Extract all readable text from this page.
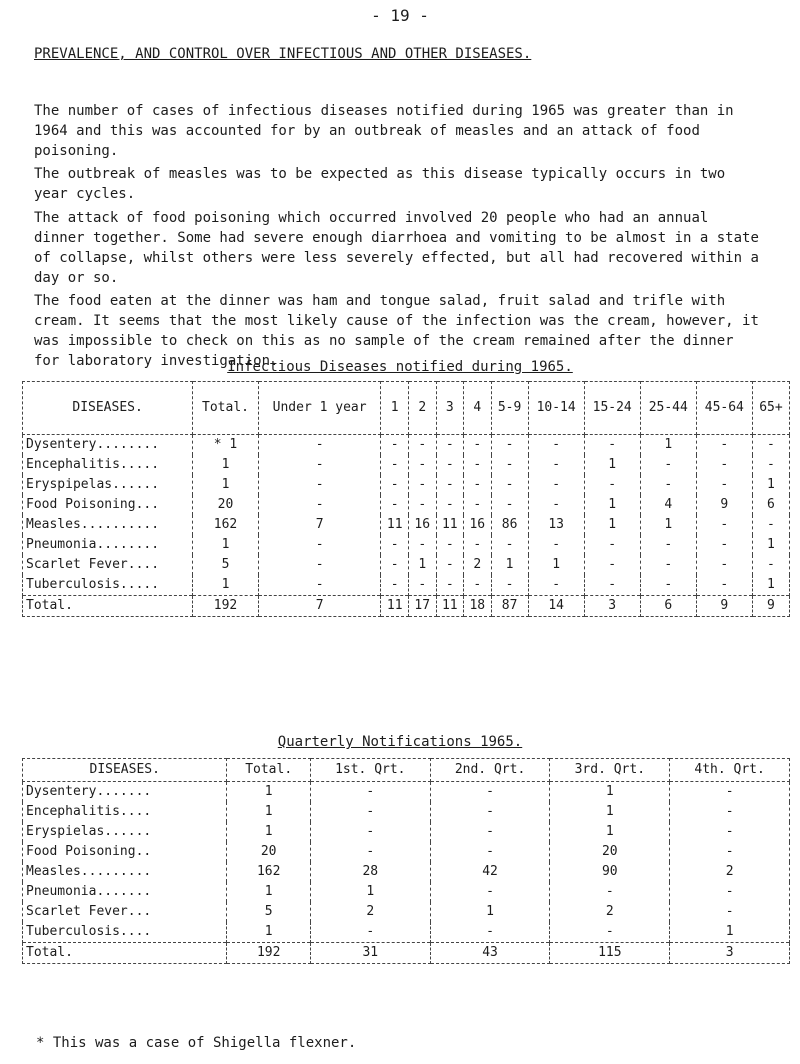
- 19 -
PREVALENCE, AND CONTROL OVER INFECTIOUS AND OTHER DISEASES.
The number of cases of infectious diseases notified during 1965 was greater than in 1964 and this was accounted for by an outbreak of measles and an attack of food poisoning.
The outbreak of measles was to be expected as this disease typically occurs in two year cycles.
The attack of food poisoning which occurred involved 20 people who had an annual dinner together. Some had severe enough diarrhoea and vomiting to be almost in a state of collapse, whilst others were less severely effected, but all had recovered within a day or so.
The food eaten at the dinner was ham and tongue salad, fruit salad and trifle with cream. It seems that the most likely cause of the infection was the cream, however, it was impossible to check on this as no sample of the cream remained after the dinner for laboratory investigation.
Infectious Diseases notified during 1965.
DISEASES.	Total.	Under 1 year	1	2	3	4	5-9	10-14	15-24	25-44	45-64	65+
Dysentery........	* 1	-	-	-	-	-	-	-	-	1	-	-
Encephalitis.....	1	-	-	-	-	-	-	-	1	-	-	-
Eryspipelas......	1	-	-	-	-	-	-	-	-	-	-	1
Food Poisoning...	20	-	-	-	-	-	-	-	1	4	9	6
Measles..........	162	7	11	16	11	16	86	13	1	1	-	-
Pneumonia........	1	-	-	-	-	-	-	-	-	-	-	1
Scarlet Fever....	5	-	-	1	-	2	1	1	-	-	-	-
Tuberculosis.....	1	-	-	-	-	-	-	-	-	-	-	1
Total.	192	7	11	17	11	18	87	14	3	6	9	9
Quarterly Notifications 1965.
DISEASES.	Total.	1st. Qrt.	2nd. Qrt.	3rd. Qrt.	4th. Qrt.
Dysentery.......	1	-	-	1	-
Encephalitis....	1	-	-	1	-
Eryspielas......	1	-	-	1	-
Food Poisoning..	20	-	-	20	-
Measles.........	162	28	42	90	2
Pneumonia.......	1	1	-	-	-
Scarlet Fever...	5	2	1	2	-
Tuberculosis....	1	-	-	-	1
Total.	192	31	43	115	3
* This was a case of Shigella flexner.
